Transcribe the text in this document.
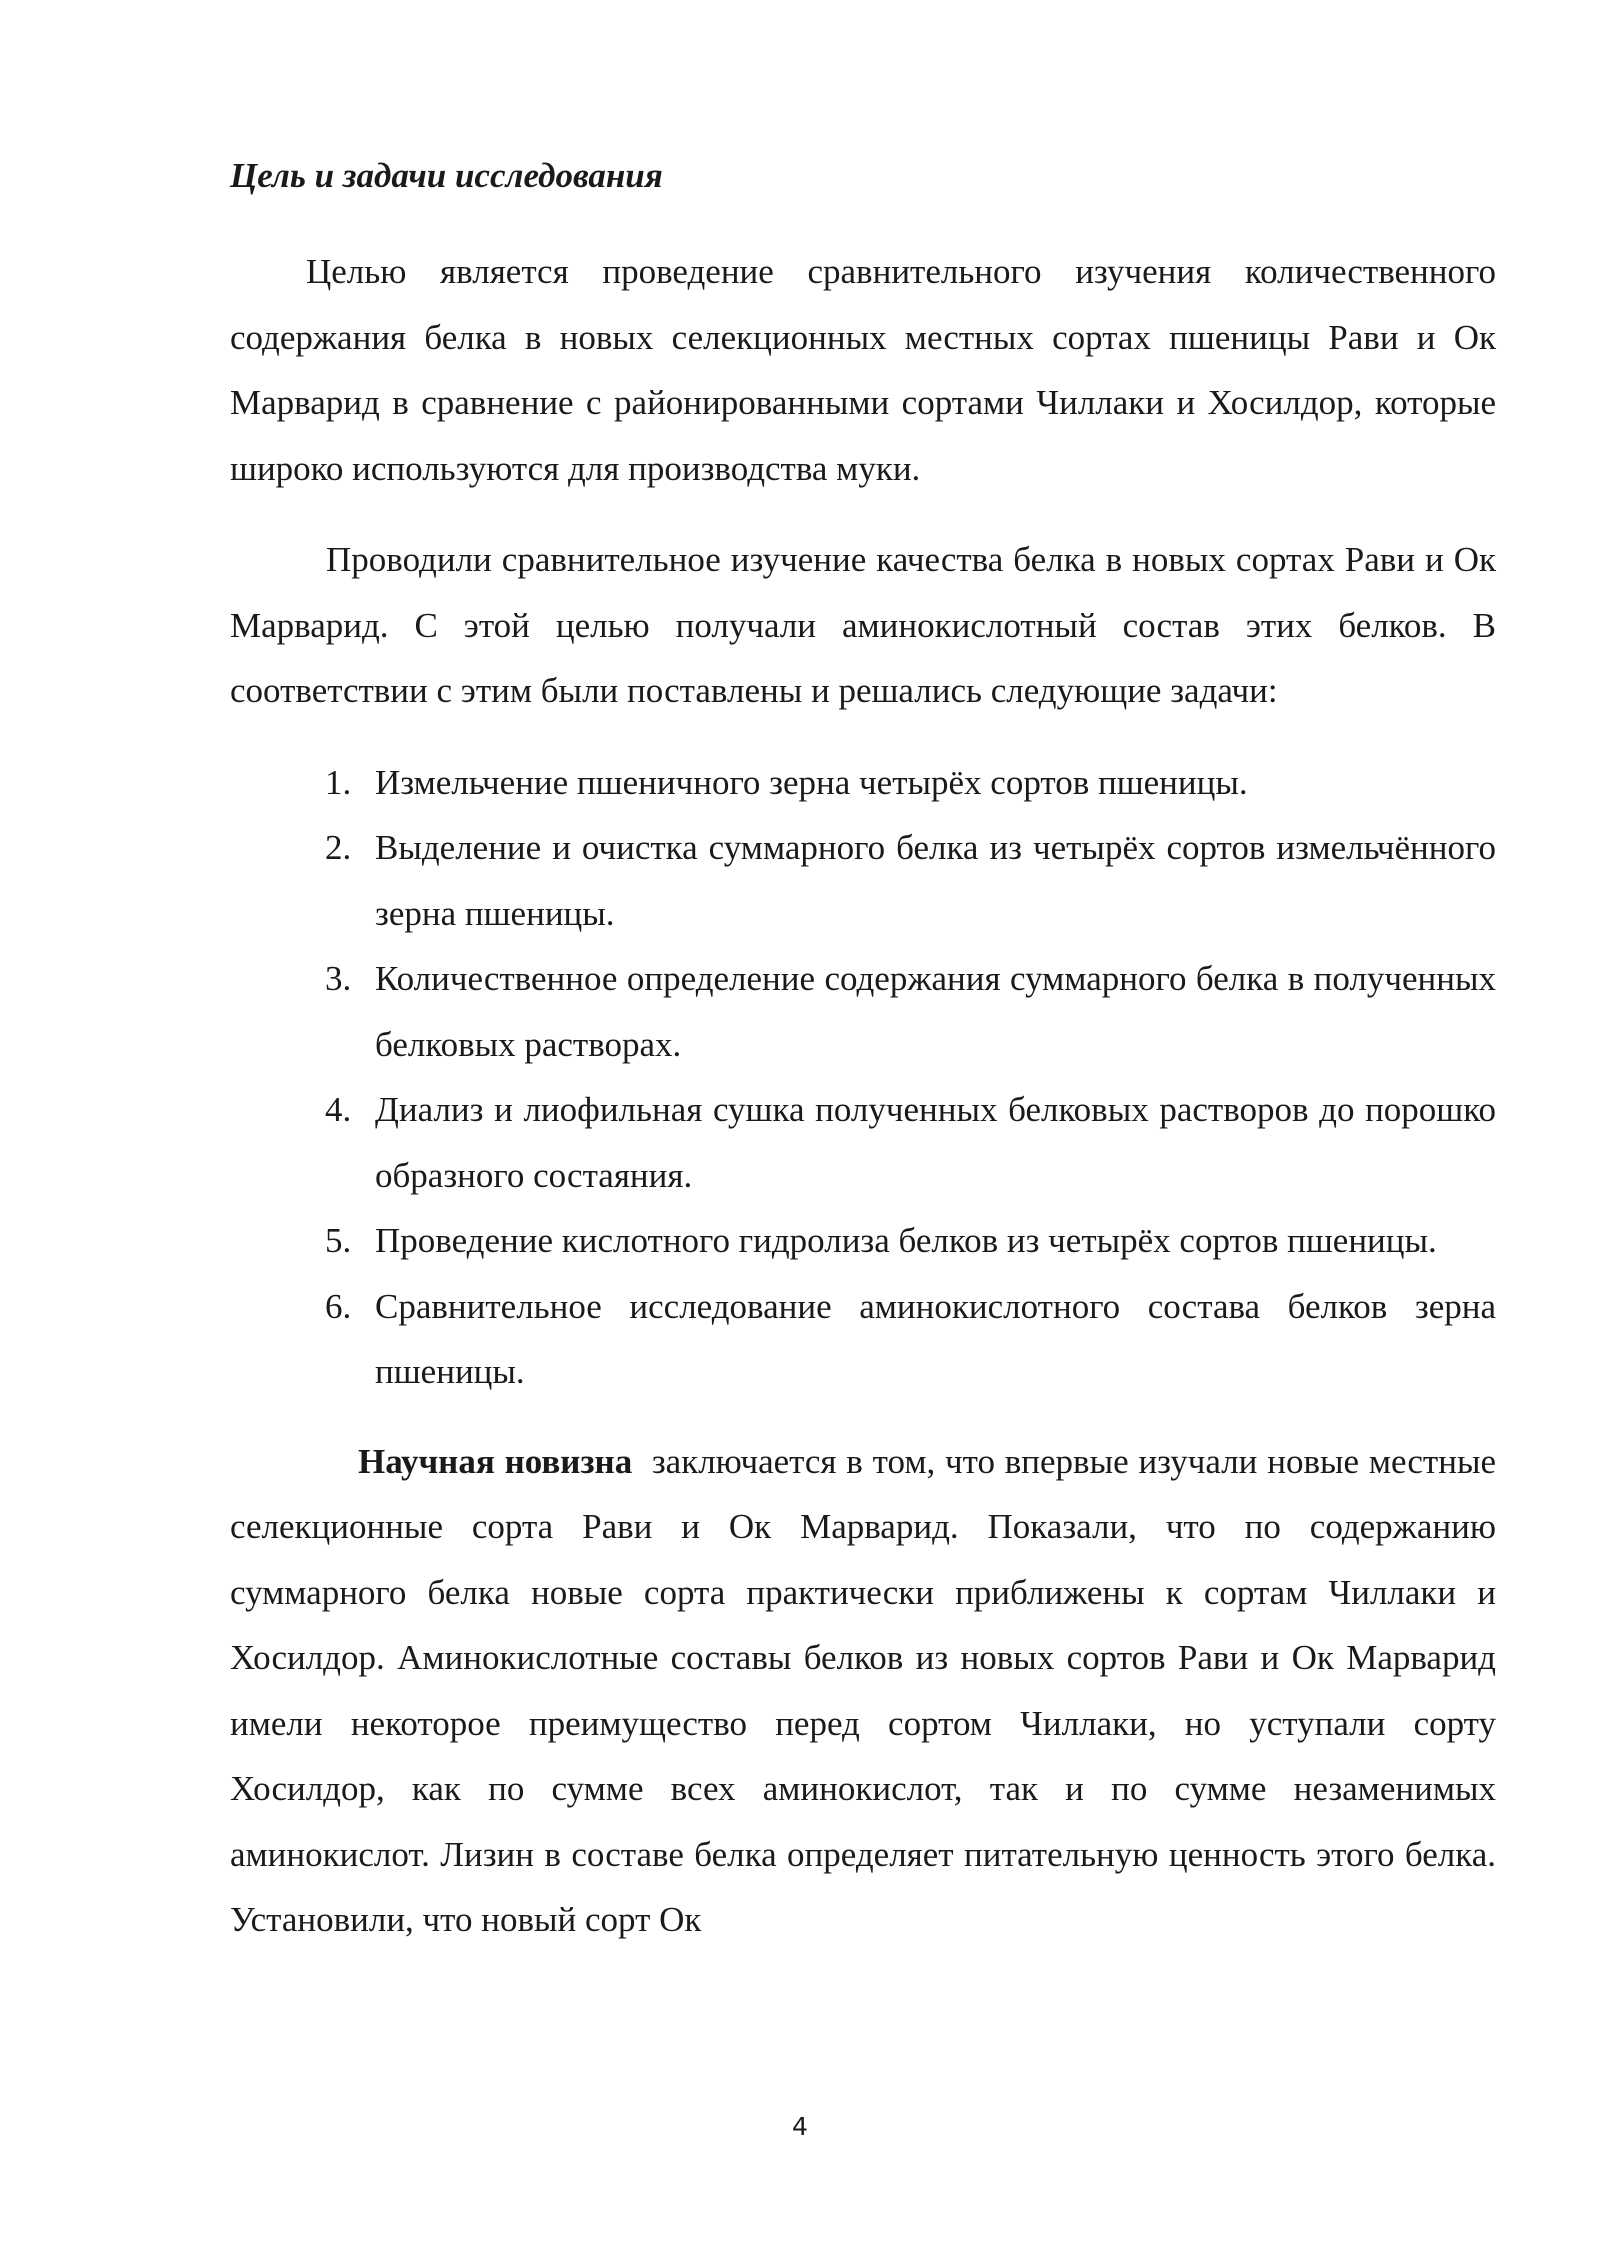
Цель и задачи исследования

Целью является проведение сравнительного изучения количественного содержания белка в новых селекционных местных сортах пшеницы Рави и Ок Марварид в сравнение с районированными сортами Чиллаки и Хосилдор, которые широко используются для производства муки.

Проводили сравнительное изучение качества белка в новых сортах Рави и Ок Марварид. С этой целью получали аминокислотный состав этих белков. В соответствии с этим были поставлены и решались следующие задачи:

1. Измельчение пшеничного зерна четырёх сортов пшеницы.
2. Выделение и очистка суммарного белка из четырёх сортов измельчённого зерна пшеницы.
3. Количественное определение содержания суммарного белка в полученных белковых растворах.
4. Диализ и лиофильная сушка полученных белковых растворов до порошко образного состаяния.
5. Проведение кислотного гидролиза белков из четырёх сортов пшеницы.
6. Сравнительное исследование аминокислотного состава белков зерна пшеницы.

Научная новизна заключается в том, что впервые изучали новые местные селекционные сорта Рави и Ок Марварид. Показали, что по содержанию суммарного белка новые сорта практически приближены к сортам Чиллаки и Хосилдор. Аминокислотные составы белков из новых сортов Рави и Ок Марварид имели некоторое преимущество перед сортом Чиллаки, но уступали сорту Хосилдор, как по сумме всех аминокислот, так и по сумме незаменимых аминокислот. Лизин в составе белка определяет питательную ценность этого белка. Установили, что новый сорт Ок

4
